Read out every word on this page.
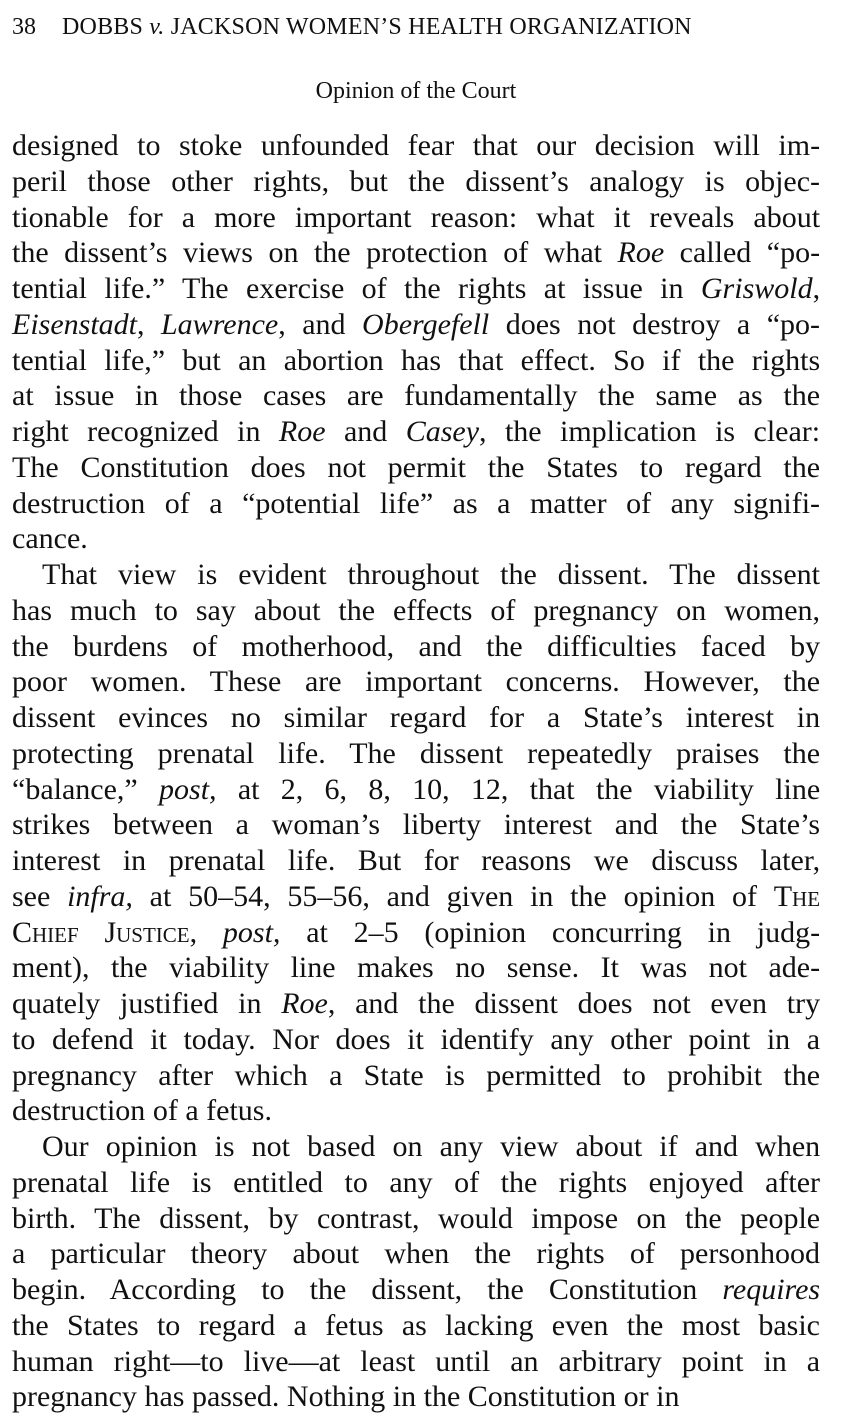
38 DOBBS v. JACKSON WOMEN’S HEALTH ORGANIZATION
Opinion of the Court
designed to stoke unfounded fear that our decision will im-
peril those other rights, but the dissent’s analogy is objec-
tionable for a more important reason: what it reveals about
the dissent’s views on the protection of what Roe called “po-
tential life.” The exercise of the rights at issue in Griswold,
Eisenstadt, Lawrence, and Obergefell does not destroy a “po-
tential life,” but an abortion has that effect. So if the rights
at issue in those cases are fundamentally the same as the
right recognized in Roe and Casey, the implication is clear:
The Constitution does not permit the States to regard the
destruction of a “potential life” as a matter of any signifi-
cance.
That view is evident throughout the dissent. The dissent
has much to say about the effects of pregnancy on women,
the burdens of motherhood, and the difficulties faced by
poor women. These are important concerns. However, the
dissent evinces no similar regard for a State’s interest in
protecting prenatal life. The dissent repeatedly praises the
“balance,” post, at 2, 6, 8, 10, 12, that the viability line
strikes between a woman’s liberty interest and the State’s
interest in prenatal life. But for reasons we discuss later,
see infra, at 50–54, 55–56, and given in the opinion of The
Chief Justice, post, at 2–5 (opinion concurring in judg-
ment), the viability line makes no sense. It was not ade-
quately justified in Roe, and the dissent does not even try
to defend it today. Nor does it identify any other point in a
pregnancy after which a State is permitted to prohibit the
destruction of a fetus.
Our opinion is not based on any view about if and when
prenatal life is entitled to any of the rights enjoyed after
birth. The dissent, by contrast, would impose on the people
a particular theory about when the rights of personhood
begin. According to the dissent, the Constitution requires
the States to regard a fetus as lacking even the most basic
human right—to live—at least until an arbitrary point in a
pregnancy has passed. Nothing in the Constitution or in
